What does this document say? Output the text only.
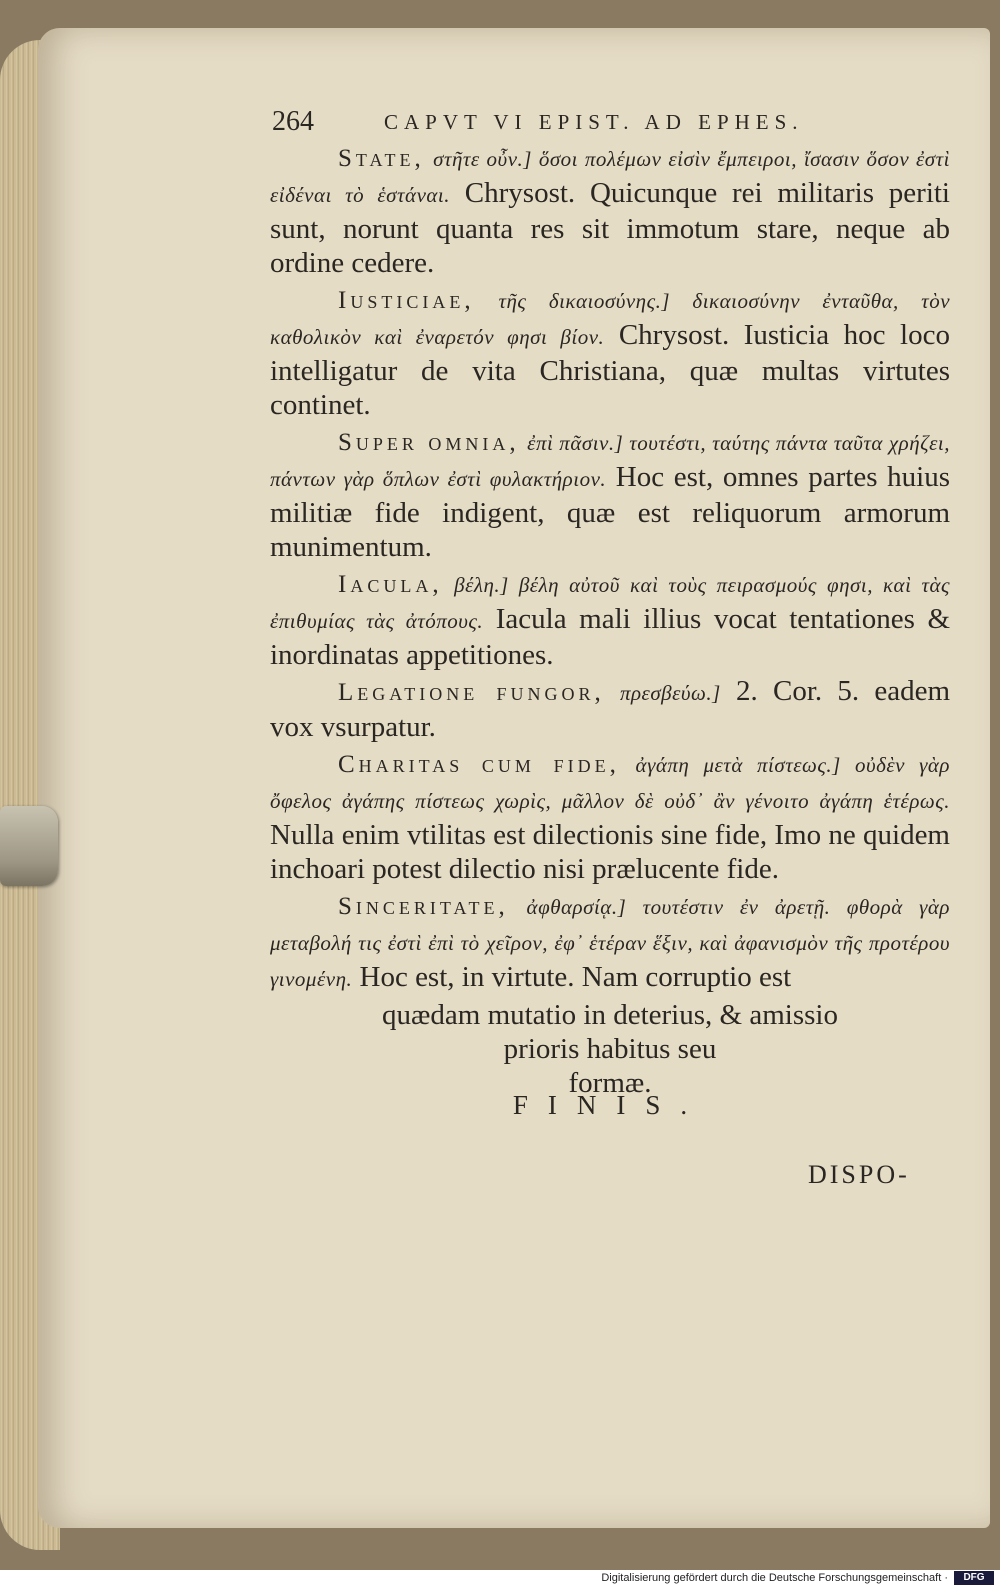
264	CAPVT VI EPIST. AD EPHES.

State, στῆτε οὖν.] ὅσοι πολέμων εἰσὶν ἔμπειροι, ἴσασιν ὅσον ἐστὶ εἰδέναι τὸ ἑστάναι. Chrysost. Quicunque rei militaris periti sunt, norunt quanta res sit immotum stare, neque ab ordine cedere.

Iusticiae, τῆς δικαιοσύνης.] δικαιοσύνην ἐνταῦθα, τὸν καθολικὸν καὶ ἐναρετόν φησι βίον. Chrysost. Iusticia hoc loco intelligatur de vita Christiana, quæ multas virtutes continet.

Super omnia, ἐπὶ πᾶσιν.] τουτέστι, ταύτης πάντα ταῦτα χρήζει, πάντων γὰρ ὅπλων ἐστὶ φυλακτήριον. Hoc est, omnes partes huius militiæ fide indigent, quæ est reliquorum armorum munimentum.

Iacula, βέλη.] βέλη αὐτοῦ καὶ τοὺς πειρασμούς φησι, καὶ τὰς ἐπιθυμίας τὰς ἀτόπους. Iacula mali illius vocat tentationes & inordinatas appetitiones.

Legatione fungor, πρεσβεύω.] 2. Cor. 5. eadem vox vsurpatur.

Charitas cum fide, ἀγάπη μετὰ πίστεως.] οὐδὲν γὰρ ὄφελος ἀγάπης πίστεως χωρὶς, μᾶλλον δὲ οὐδ᾽ ἂν γένοιτο ἀγάπη ἑτέρως. Nulla enim vtilitas est dilectionis sine fide, Imo ne quidem inchoari potest dilectio nisi prælucente fide.

Sinceritate, ἀφθαρσίᾳ.] τουτέστιν ἐν ἀρετῇ. φθορὰ γὰρ μεταβολή τις ἐστὶ ἐπὶ τὸ χεῖρον, ἐφ᾽ ἑτέραν ἕξιν, καὶ ἀφανισμὸν τῆς προτέρου γινομένη. Hoc est, in virtute. Nam corruptio est

quædam mutatio in deterius, & amissio
prioris habitus seu
formæ.
FINIS.
DISPO-
Digitalisierung gefördert durch die Deutsche Forschungsgemeinschaft ·	DFG
